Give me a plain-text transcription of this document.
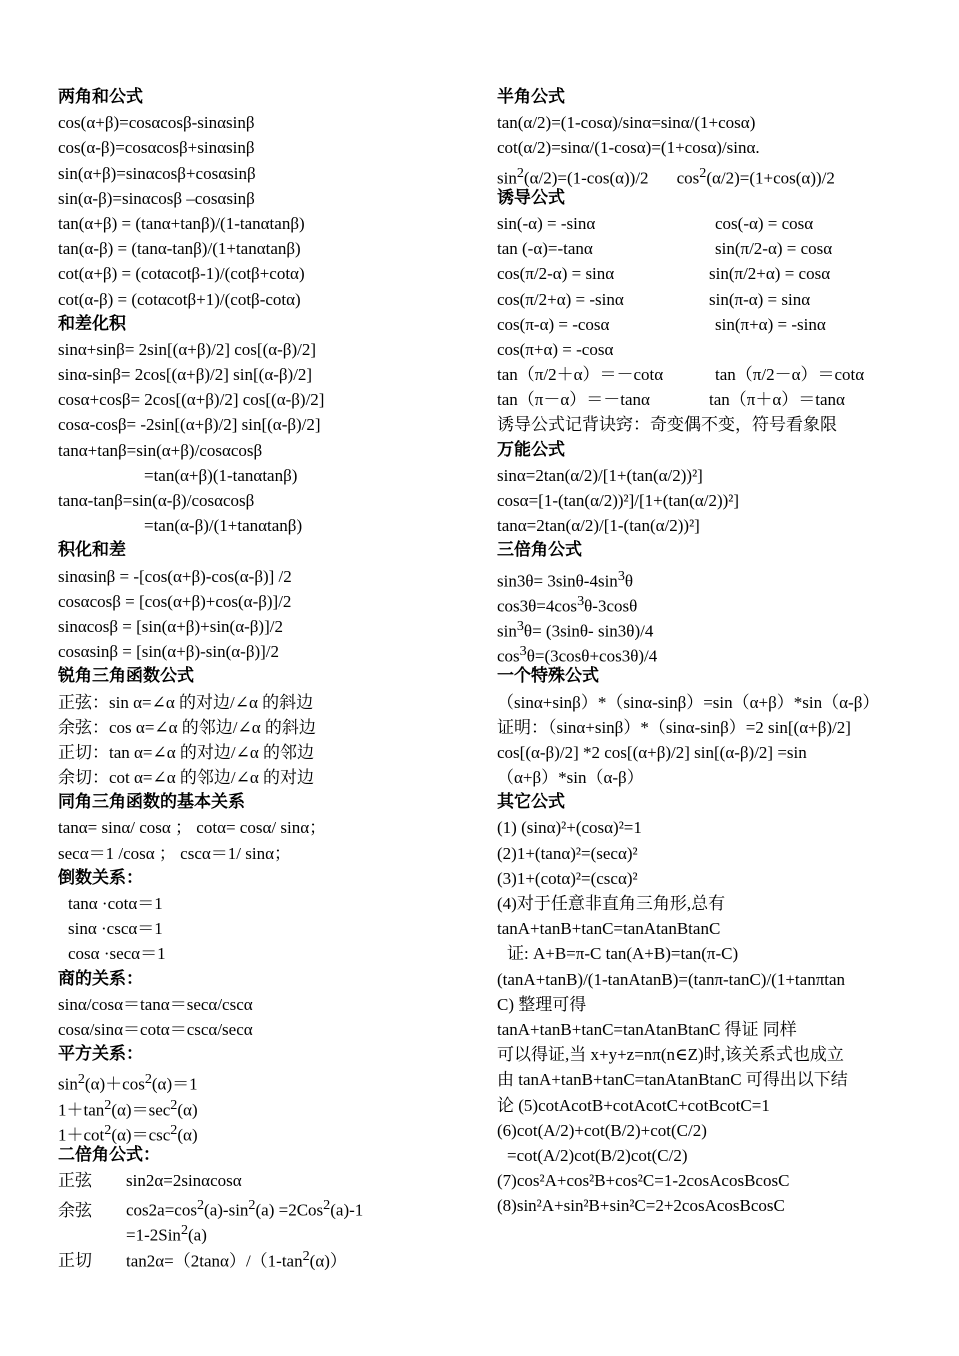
两角和公式
cos(α+β)=cosαcosβ-sinαsinβ
cos(α-β)=cosαcosβ+sinαsinβ
sin(α+β)=sinαcosβ+cosαsinβ
sin(α-β)=sinαcosβ –cosαsinβ
tan(α+β) = (tanα+tanβ)/(1-tanαtanβ)
tan(α-β) = (tanα-tanβ)/(1+tanαtanβ)
cot(α+β) = (cotαcotβ-1)/(cotβ+cotα)
cot(α-β) = (cotαcotβ+1)/(cotβ-cotα)
和差化积
sinα+sinβ= 2sin[(α+β)/2] cos[(α-β)/2]
sinα-sinβ= 2cos[(α+β)/2] sin[(α-β)/2]
cosα+cosβ= 2cos[(α+β)/2] cos[(α-β)/2]
cosα-cosβ= -2sin[(α+β)/2] sin[(α-β)/2]
tanα+tanβ=sin(α+β)/cosαcosβ
=tan(α+β)(1-tanαtanβ)
tanα-tanβ=sin(α-β)/cosαcosβ
=tan(α-β)/(1+tanαtanβ)
积化和差
sinαsinβ = -[cos(α+β)-cos(α-β)] /2
cosαcosβ = [cos(α+β)+cos(α-β)]/2
sinαcosβ = [sin(α+β)+sin(α-β)]/2
cosαsinβ = [sin(α+β)-sin(α-β)]/2
锐角三角函数公式
正弦：sin α=∠α 的对边/∠α 的斜边
余弦：cos α=∠α 的邻边/∠α 的斜边
正切：tan α=∠α 的对边/∠α 的邻边
余切：cot α=∠α 的邻边/∠α 的对边
同角三角函数的基本关系
tanα= sinα/ cosα ； cotα= cosα/ sinα；
secα＝1 /cosα ； cscα＝1/ sinα；
倒数关系：
tanα ·cotα＝1
sinα ·cscα＝1
cosα ·secα＝1
商的关系：
sinα/cosα＝tanα＝secα/cscα
cosα/sinα＝cotα＝cscα/secα
平方关系：
$\sin^2(\alpha)+\cos^2(\alpha)=1$
$1+\tan^2(\alpha)=\sec^2(\alpha)$
$1+\cot^2(\alpha)=\csc^2(\alpha)$
二倍角公式：
正弦 sin2α=2sinαcosα
余弦 $\cos 2a=\cos^2(a)-\sin^2(a) =2Cos^2(a)-1$
=1-2Sin$^2$(a)
正切 $\tan 2\alpha=(2\tan\alpha)/(1-\tan^2(\alpha))$
半角公式
tan(α/2)=(1-cosα)/sinα=sinα/(1+cosα)
cot(α/2)=sinα/(1-cosα)=(1+cosα)/sinα.
$\sin^2(\alpha/2)=(1-\cos(\alpha))/2$ $\cos^2(\alpha/2)=(1+\cos(\alpha))/2$
诱导公式
sin(-α) = -sinα	cos(-α) = cosα
tan (-α)=-tanα	sin(π/2-α) = cosα
cos(π/2-α) = sinα	sin(π/2+α) = cosα
cos(π/2+α) = -sinα	sin(π-α) = sinα
cos(π-α) = -cosα	sin(π+α) = -sinα
cos(π+α) = -cosα
tan（π/2＋α）＝－cotα	tan（π/2－α）＝cotα
tan（π－α）＝－tanα	tan（π＋α）＝tanα
诱导公式记背诀窍：奇变偶不变，符号看象限
万能公式
sinα=2tan(α/2)/[1+(tan(α/2))²]
cosα=[1-(tan(α/2))²]/[1+(tan(α/2))²]
tanα=2tan(α/2)/[1-(tan(α/2))²]
三倍角公式
$\sin 3\theta= 3\sin\theta-4\sin^3\theta$
$\cos 3\theta=4\cos^3\theta-3\cos\theta$
$\sin^3\theta= (3\sin\theta-$ sin3θ)/4
$\cos^3\theta=(3\cos\theta+\cos 3\theta)/4$
一个特殊公式
（sinα+sinβ）*（sinα-sinβ）=sin（α+β）*sin（α-β）
证明：（sinα+sinβ）*（sinα-sinβ）=2 sin[(α+β)/2]
cos[(α-β)/2] *2 cos[(α+β)/2] sin[(α-β)/2] =sin
（α+β）*sin（α-β）
其它公式
(1) (sinα)²+(cosα)²=1
(2)1+(tanα)²=(secα)²
(3)1+(cotα)²=(cscα)²
(4)对于任意非直角三角形,总有
tanA+tanB+tanC=tanAtanBtanC
证: A+B=π-C tan(A+B)=tan(π-C)
(tanA+tanB)/(1-tanAtanB)=(tanπ-tanC)/(1+tanπtan
C) 整理可得
tanA+tanB+tanC=tanAtanBtanC 得证 同样
可以得证,当 x+y+z=nπ(n∈Z)时,该关系式也成立
由 tanA+tanB+tanC=tanAtanBtanC 可得出以下结
论 (5)cotAcotB+cotAcotC+cotBcotC=1
(6)cot(A/2)+cot(B/2)+cot(C/2)
=cot(A/2)cot(B/2)cot(C/2)
(7)cos²A+cos²B+cos²C=1-2cosAcosBcosC
(8)sin²A+sin²B+sin²C=2+2cosAcosBcosC
